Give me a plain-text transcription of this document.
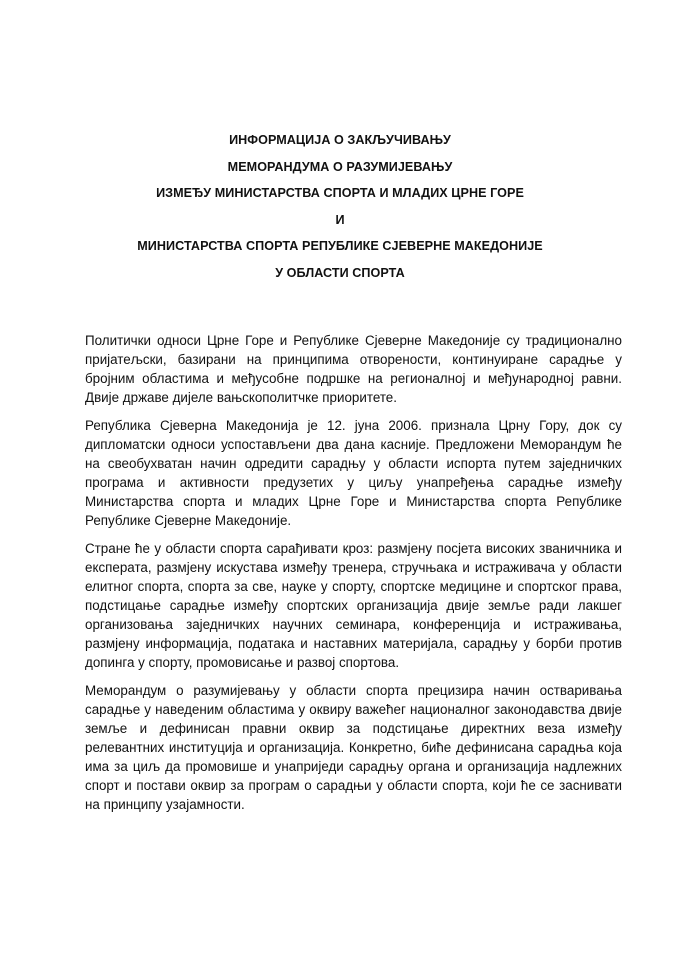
ИНФОРМАЦИЈА О ЗАКЉУЧИВАЊУ
МЕМОРАНДУМА О РАЗУМИЈЕВАЊУ
ИЗМЕЂУ МИНИСТАРСТВА СПОРТА И МЛАДИХ ЦРНЕ ГОРЕ
И
МИНИСТАРСТВА СПОРТА РЕПУБЛИКЕ СЈЕВЕРНЕ МАКЕДОНИЈЕ
У ОБЛАСТИ СПОРТА

Политички односи Црне Горе и Републике Сјеверне Македоније су традиционално пријатељски, базирани на принципима отворености, континуиране сарадње у бројним областима и међусобне подршке на регионалној и међународној равни. Двије државе дијеле вањскополитчке приоритете.

Република Сјеверна Македонија је 12. јуна 2006. признала Црну Гору, док су дипломатски односи успостављени два дана касније. Предложени Меморандум ће на свеобухватан начин одредити сарадњу у области испорта путем заједничких програма и активности предузетих у циљу унапређења сарадње између Министарства спорта и младих Црне Горе и Министарства спорта Републике Републике Сјеверне Македоније.

Стране ће у области спорта сарађивати кроз: размјену посјета високих званичника и експерата, размјену искустава између тренера, стручњака и истраживача у области елитног спорта, спорта за све, науке у спорту, спортске медицине и спортског права, подстицање сарадње између спортских организација двије земље ради лакшег организовања заједничких научних семинара, конференција и истраживања, размјену информација, података и наставних материјала, сарадњу у борби против допинга у спорту, промовисање и развој спортова.

Меморандум о разумијевању у области спорта прецизира начин остваривања сарадње у наведеним областима у оквиру важећег националног законодавства двије земље и дефинисан правни оквир за подстицање директних веза између релевантних институција и организација. Конкретно, биће дефинисана сарадња која има за циљ да промовише и унаприједи сарадњу органа и организација надлежних спорт и постави оквир за програм о сарадњи у области спорта, који ће се заснивати на принципу узајамности.
